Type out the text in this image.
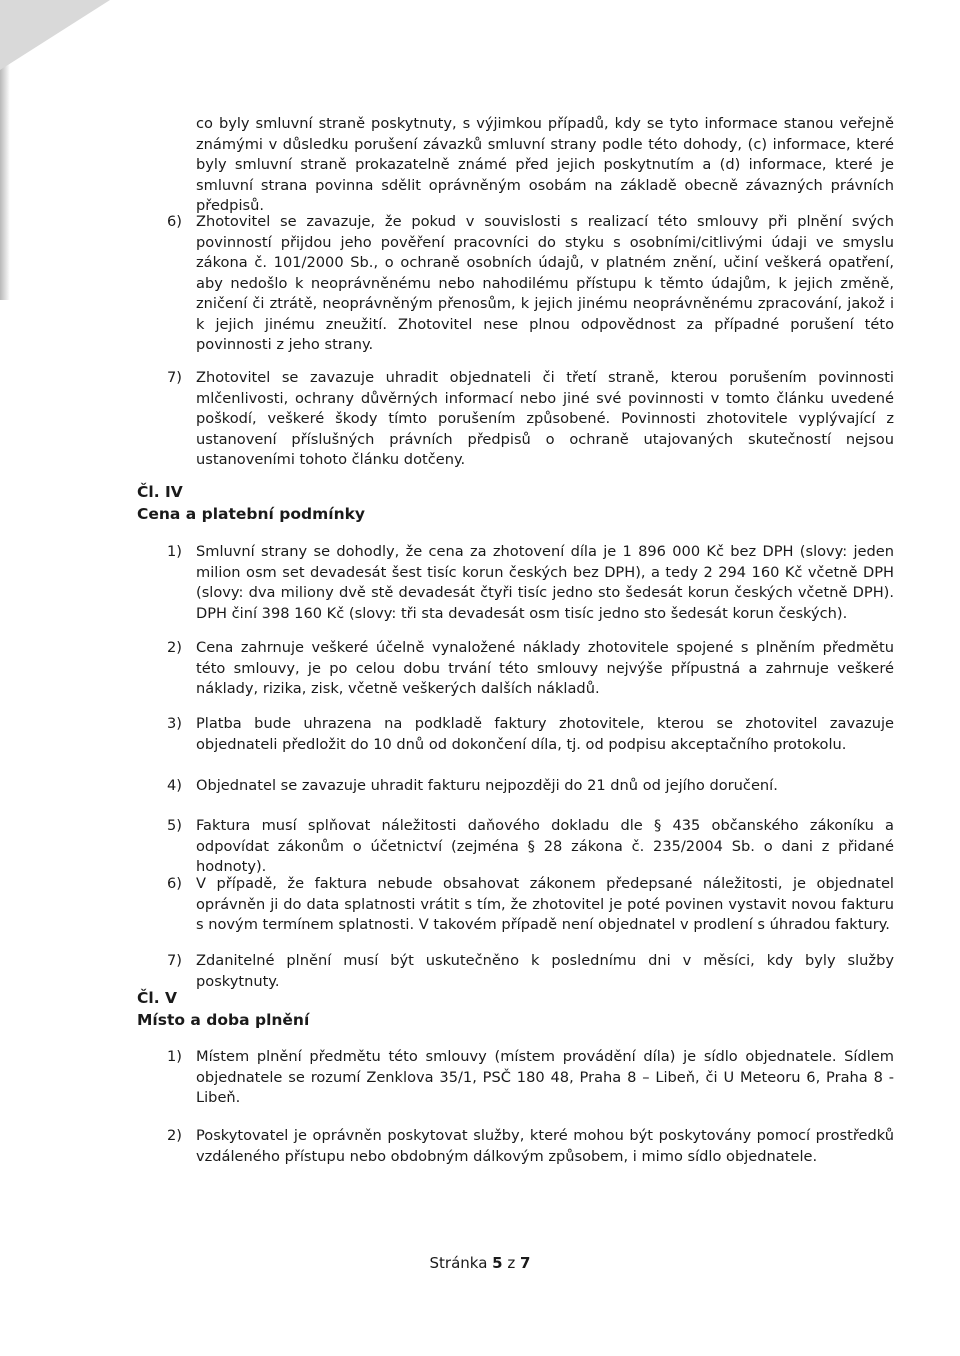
co byly smluvní straně poskytnuty, s výjimkou případů, kdy se tyto informace stanou veřejně známými v důsledku porušení závazků smluvní strany podle této dohody, (c) informace, které byly smluvní straně prokazatelně známé před jejich poskytnutím a (d) informace, které je smluvní strana povinna sdělit oprávněným osobám na základě obecně závazných právních předpisů.

6) Zhotovitel se zavazuje, že pokud v souvislosti s realizací této smlouvy při plnění svých povinností přijdou jeho pověření pracovníci do styku s osobními/citlivými údaji ve smyslu zákona č. 101/2000 Sb., o ochraně osobních údajů, v platném znění, učiní veškerá opatření, aby nedošlo k neoprávněnému nebo nahodilému přístupu k těmto údajům, k jejich změně, zničení či ztrátě, neoprávněným přenosům, k jejich jinému neoprávněnému zpracování, jakož i k jejich jinému zneužití. Zhotovitel nese plnou odpovědnost za případné porušení této povinnosti z jeho strany.

7) Zhotovitel se zavazuje uhradit objednateli či třetí straně, kterou porušením povinnosti mlčenlivosti, ochrany důvěrných informací nebo jiné své povinnosti v tomto článku uvedené poškodí, veškeré škody tímto porušením způsobené. Povinnosti zhotovitele vyplývající z ustanovení příslušných právních předpisů o ochraně utajovaných skutečností nejsou ustanoveními tohoto článku dotčeny.

Čl. IV

Cena a platební podmínky

1) Smluvní strany se dohodly, že cena za zhotovení díla je 1 896 000 Kč bez DPH (slovy: jeden milion osm set devadesát šest tisíc korun českých bez DPH), a tedy 2 294 160 Kč včetně DPH (slovy: dva miliony dvě stě devadesát čtyři tisíc jedno sto šedesát korun českých včetně DPH). DPH činí 398 160 Kč (slovy: tři sta devadesát osm tisíc jedno sto šedesát korun českých).

2) Cena zahrnuje veškeré účelně vynaložené náklady zhotovitele spojené s plněním předmětu této smlouvy, je po celou dobu trvání této smlouvy nejvýše přípustná a zahrnuje veškeré náklady, rizika, zisk, včetně veškerých dalších nákladů.

3) Platba bude uhrazena na podkladě faktury zhotovitele, kterou se zhotovitel zavazuje objednateli předložit do 10 dnů od dokončení díla, tj. od podpisu akceptačního protokolu.

4) Objednatel se zavazuje uhradit fakturu nejpozději do 21 dnů od jejího doručení.

5) Faktura musí splňovat náležitosti daňového dokladu dle § 435 občanského zákoníku a odpovídat zákonům o účetnictví (zejména § 28 zákona č. 235/2004 Sb. o dani z přidané hodnoty).

6) V případě, že faktura nebude obsahovat zákonem předepsané náležitosti, je objednatel oprávněn ji do data splatnosti vrátit s tím, že zhotovitel je poté povinen vystavit novou fakturu s novým termínem splatnosti. V takovém případě není objednatel v prodlení s úhradou faktury.

7) Zdanitelné plnění musí být uskutečněno k poslednímu dni v měsíci, kdy byly služby poskytnuty.

Čl. V

Místo a doba plnění

1) Místem plnění předmětu této smlouvy (místem provádění díla) je sídlo objednatele. Sídlem objednatele se rozumí Zenklova 35/1, PSČ 180 48, Praha 8 – Libeň, či U Meteoru 6, Praha 8 - Libeň.

2) Poskytovatel je oprávněn poskytovat služby, které mohou být poskytovány pomocí prostředků vzdáleného přístupu nebo obdobným dálkovým způsobem, i mimo sídlo objednatele.

Stránka 5 z 7
